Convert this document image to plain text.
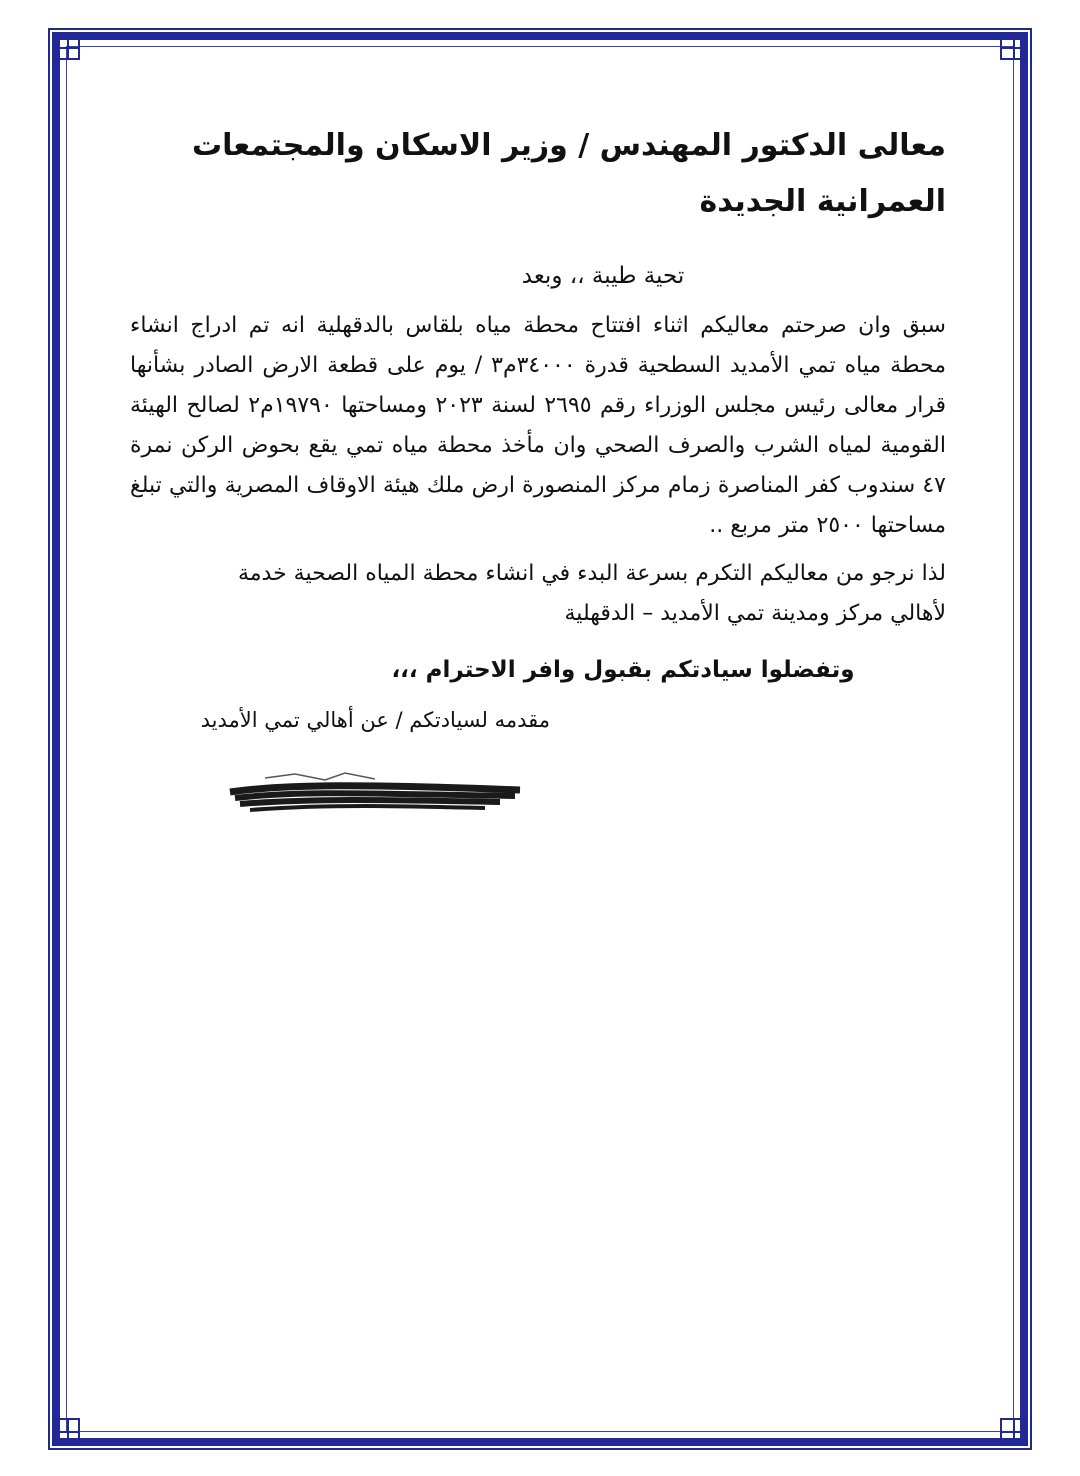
معالى الدكتور المهندس / وزير الاسكان والمجتمعات العمرانية الجديدة

تحية طيبة ،، وبعد

سبق وان صرحتم معاليكم اثناء افتتاح محطة مياه بلقاس بالدقهلية انه تم ادراج انشاء محطة مياه تمي الأمديد السطحية قدرة ٣٤٠٠٠م٣ / يوم على قطعة الارض الصادر بشأنها قرار معالى رئيس مجلس الوزراء رقم ٢٦٩٥ لسنة ٢٠٢٣ ومساحتها ١٩٧٩٠م٢ لصالح الهيئة القومية لمياه الشرب والصرف الصحي وان مأخذ محطة مياه تمي يقع بحوض الركن نمرة ٤٧ سندوب كفر المناصرة زمام مركز المنصورة ارض ملك هيئة الاوقاف المصرية والتي تبلغ مساحتها ٢٥٠٠ متر مربع ..

لذا نرجو من معاليكم التكرم بسرعة البدء في انشاء محطة المياه الصحية خدمة لأهالي مركز ومدينة تمي الأمديد – الدقهلية

وتفضلوا سيادتكم بقبول وافر الاحترام ،،،

مقدمه لسيادتكم / عن أهالي تمي الأمديد
